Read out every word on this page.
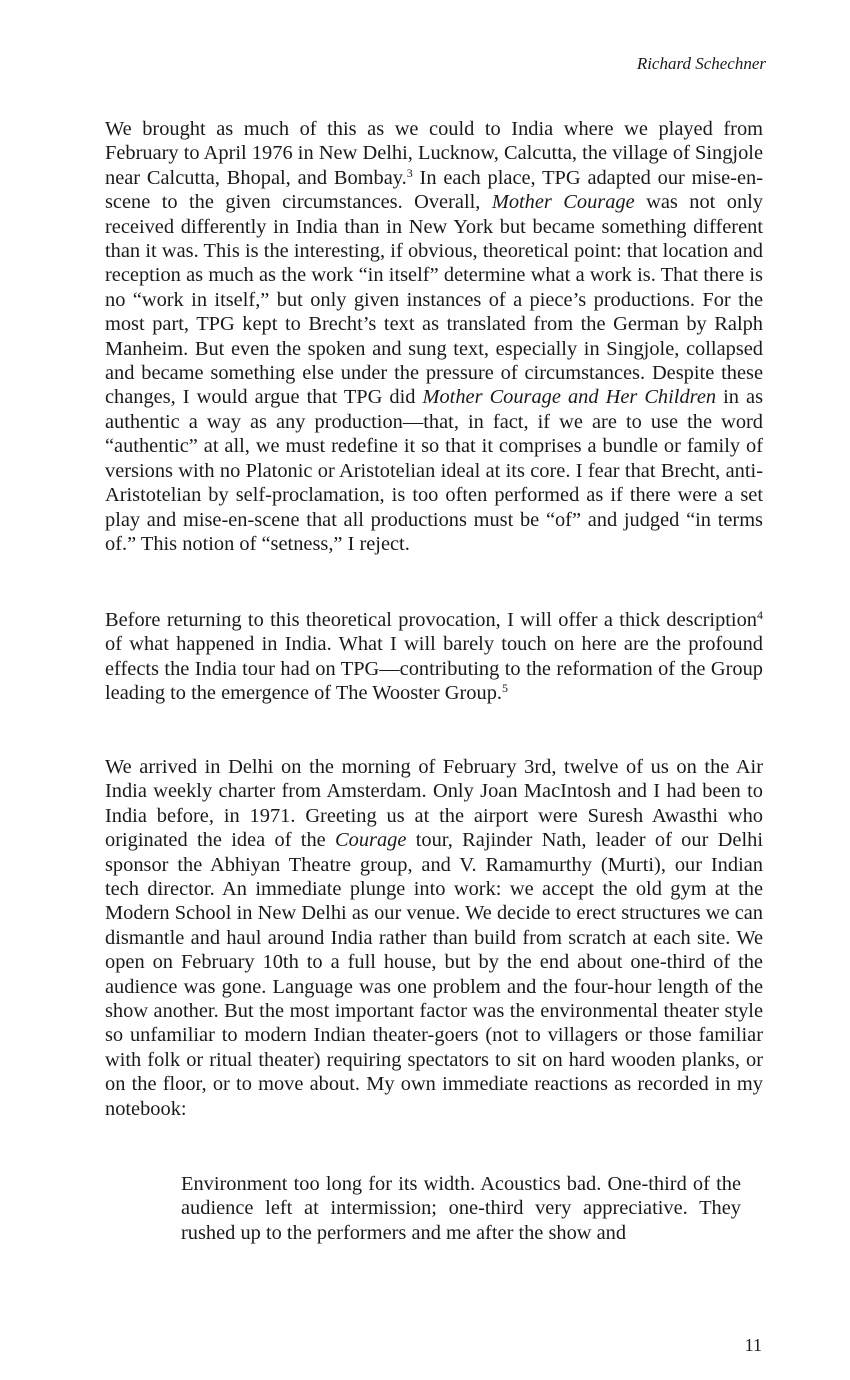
Richard Schechner

We brought as much of this as we could to India where we played from February to April 1976 in New Delhi, Lucknow, Calcutta, the village of Singjole near Calcutta, Bhopal, and Bombay.$^3$ In each place, TPG adapted our mise-en-scene to the given circumstances. Overall, Mother Courage was not only received differently in India than in New York but became something different than it was. This is the interesting, if obvious, theoretical point: that location and reception as much as the work “in itself” determine what a work is. That there is no “work in itself,” but only given instances of a piece’s productions. For the most part, TPG kept to Brecht’s text as translated from the German by Ralph Manheim. But even the spoken and sung text, especially in Singjole, collapsed and became something else under the pressure of circumstances. Despite these changes, I would argue that TPG did Mother Courage and Her Children in as authentic a way as any production—that, in fact, if we are to use the word “authentic” at all, we must redefine it so that it comprises a bundle or family of versions with no Platonic or Aristotelian ideal at its core. I fear that Brecht, anti-Aristotelian by self-proclamation, is too often performed as if there were a set play and mise-en-scene that all productions must be “of” and judged “in terms of.” This notion of “setness,” I reject.

Before returning to this theoretical provocation, I will offer a thick description$^4$ of what happened in India. What I will barely touch on here are the profound effects the India tour had on TPG—contributing to the reformation of the Group leading to the emergence of The Wooster Group.$^5$

We arrived in Delhi on the morning of February 3rd, twelve of us on the Air India weekly charter from Amsterdam. Only Joan MacIntosh and I had been to India before, in 1971. Greeting us at the airport were Suresh Awasthi who originated the idea of the Courage tour, Rajinder Nath, leader of our Delhi sponsor the Abhiyan Theatre group, and V. Ramamurthy (Murti), our Indian tech director. An immediate plunge into work: we accept the old gym at the Modern School in New Delhi as our venue. We decide to erect structures we can dismantle and haul around India rather than build from scratch at each site. We open on February 10th to a full house, but by the end about one-third of the audience was gone. Language was one problem and the four-hour length of the show another. But the most important factor was the environmental theater style so unfamiliar to modern Indian theater-goers (not to villagers or those familiar with folk or ritual theater) requiring spectators to sit on hard wooden planks, or on the floor, or to move about. My own immediate reactions as recorded in my notebook:

Environment too long for its width. Acoustics bad. One-third of the audience left at intermission; one-third very appreciative. They rushed up to the performers and me after the show and

11
